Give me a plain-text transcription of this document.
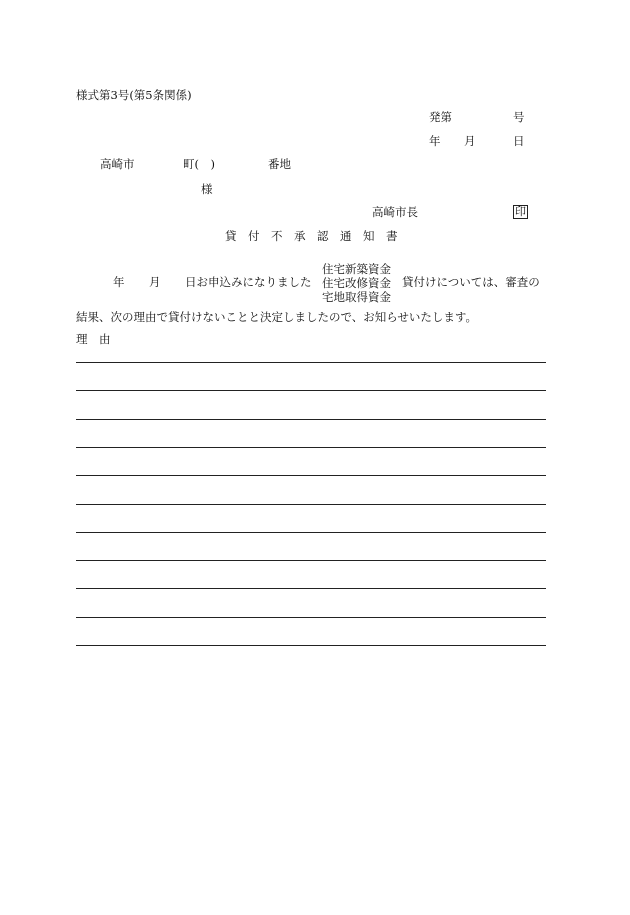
様式第3号(第5条関係)
発第	号
年 月	日
高崎市	町(　)	番地
様
高崎市長	印
貸　付　不　承　認　通　知　書
年 月 日お申込みになりました
住宅新築資金
住宅改修資金
宅地取得資金
貸付けについては、審査の
結果、次の理由で貸付けないことと決定しましたので、お知らせいたします。
理　由
